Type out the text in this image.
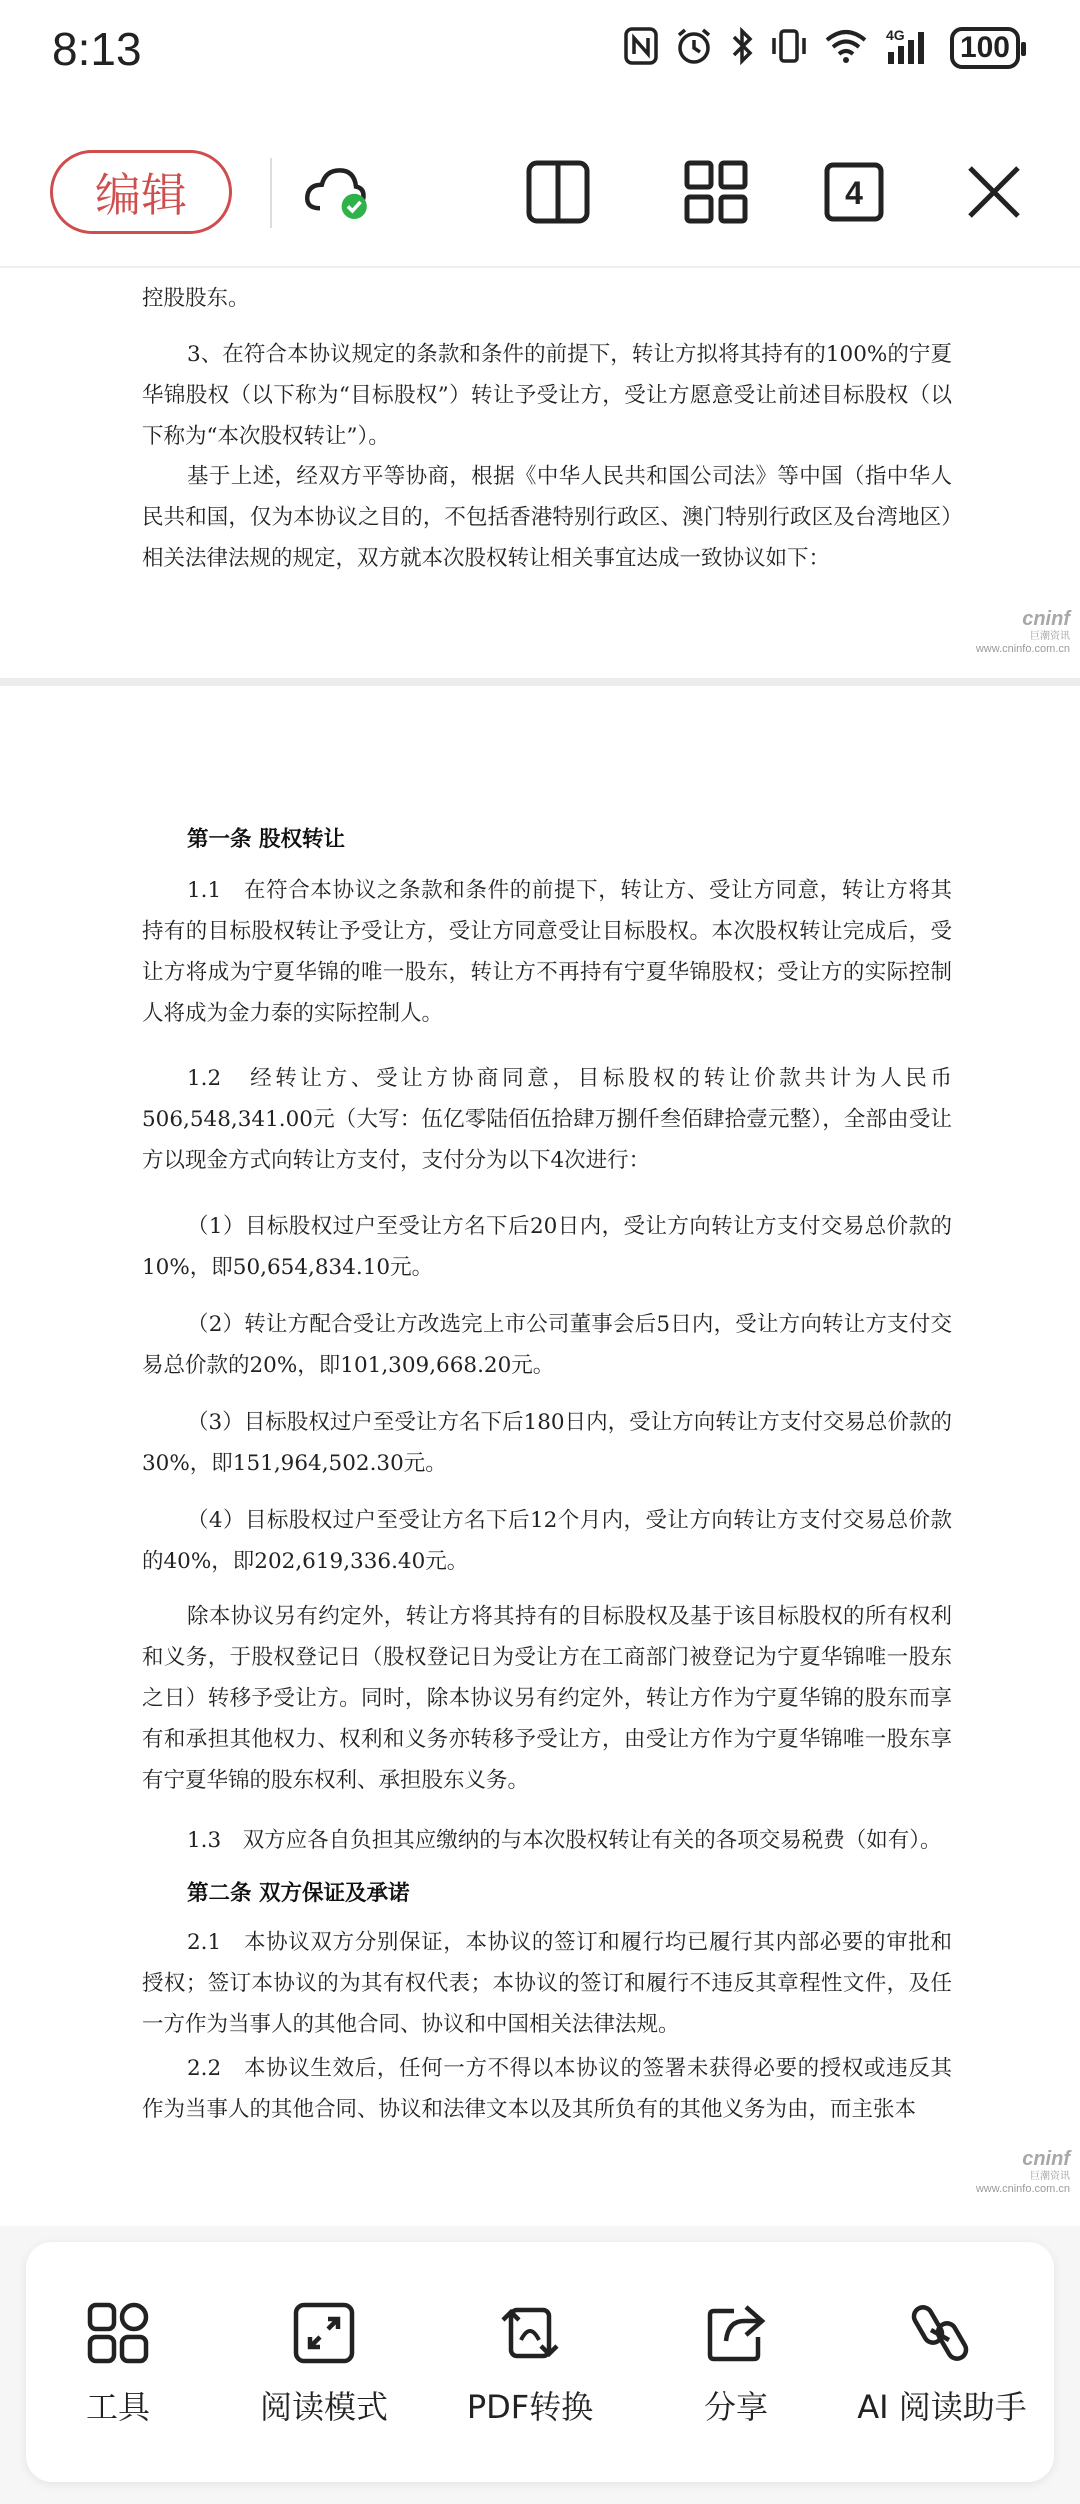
8:13	4G	100
编辑	4
控股股东。
3、在符合本协议规定的条款和条件的前提下，转让方拟将其持有的100%的宁夏华锦股权（以下称为“目标股权”）转让予受让方，受让方愿意受让前述目标股权（以下称为“本次股权转让”）。
基于上述，经双方平等协商，根据《中华人民共和国公司法》等中国（指中华人民共和国，仅为本协议之目的，不包括香港特别行政区、澳门特别行政区及台湾地区）相关法律法规的规定，双方就本次股权转让相关事宜达成一致协议如下：
cninf
巨潮资讯
www.cninfo.com.cn
第一条 股权转让
1.1　在符合本协议之条款和条件的前提下，转让方、受让方同意，转让方将其持有的目标股权转让予受让方，受让方同意受让目标股权。本次股权转让完成后，受让方将成为宁夏华锦的唯一股东，转让方不再持有宁夏华锦股权；受让方的实际控制人将成为金力泰的实际控制人。
1.2　经转让方、受让方协商同意，目标股权的转让价款共计为人民币506,548,341.00元（大写：伍亿零陆佰伍拾肆万捌仟叁佰肆拾壹元整），全部由受让方以现金方式向转让方支付，支付分为以下4次进行：
（1）目标股权过户至受让方名下后20日内，受让方向转让方支付交易总价款的10%，即50,654,834.10元。
（2）转让方配合受让方改选完上市公司董事会后5日内，受让方向转让方支付交易总价款的20%，即101,309,668.20元。
（3）目标股权过户至受让方名下后180日内，受让方向转让方支付交易总价款的30%，即151,964,502.30元。
（4）目标股权过户至受让方名下后12个月内，受让方向转让方支付交易总价款的40%，即202,619,336.40元。
除本协议另有约定外，转让方将其持有的目标股权及基于该目标股权的所有权利和义务，于股权登记日（股权登记日为受让方在工商部门被登记为宁夏华锦唯一股东之日）转移予受让方。同时，除本协议另有约定外，转让方作为宁夏华锦的股东而享有和承担其他权力、权利和义务亦转移予受让方，由受让方作为宁夏华锦唯一股东享有宁夏华锦的股东权利、承担股东义务。
1.3　双方应各自负担其应缴纳的与本次股权转让有关的各项交易税费（如有）。
第二条 双方保证及承诺
2.1　本协议双方分别保证，本协议的签订和履行均已履行其内部必要的审批和授权；签订本协议的为其有权代表；本协议的签订和履行不违反其章程性文件，及任一方作为当事人的其他合同、协议和中国相关法律法规。
2.2　本协议生效后，任何一方不得以本协议的签署未获得必要的授权或违反其作为当事人的其他合同、协议和法律文本以及其所负有的其他义务为由，而主张本
cninf
巨潮资讯
www.cninfo.com.cn
工具	阅读模式	PDF转换	分享	AI 阅读助手
